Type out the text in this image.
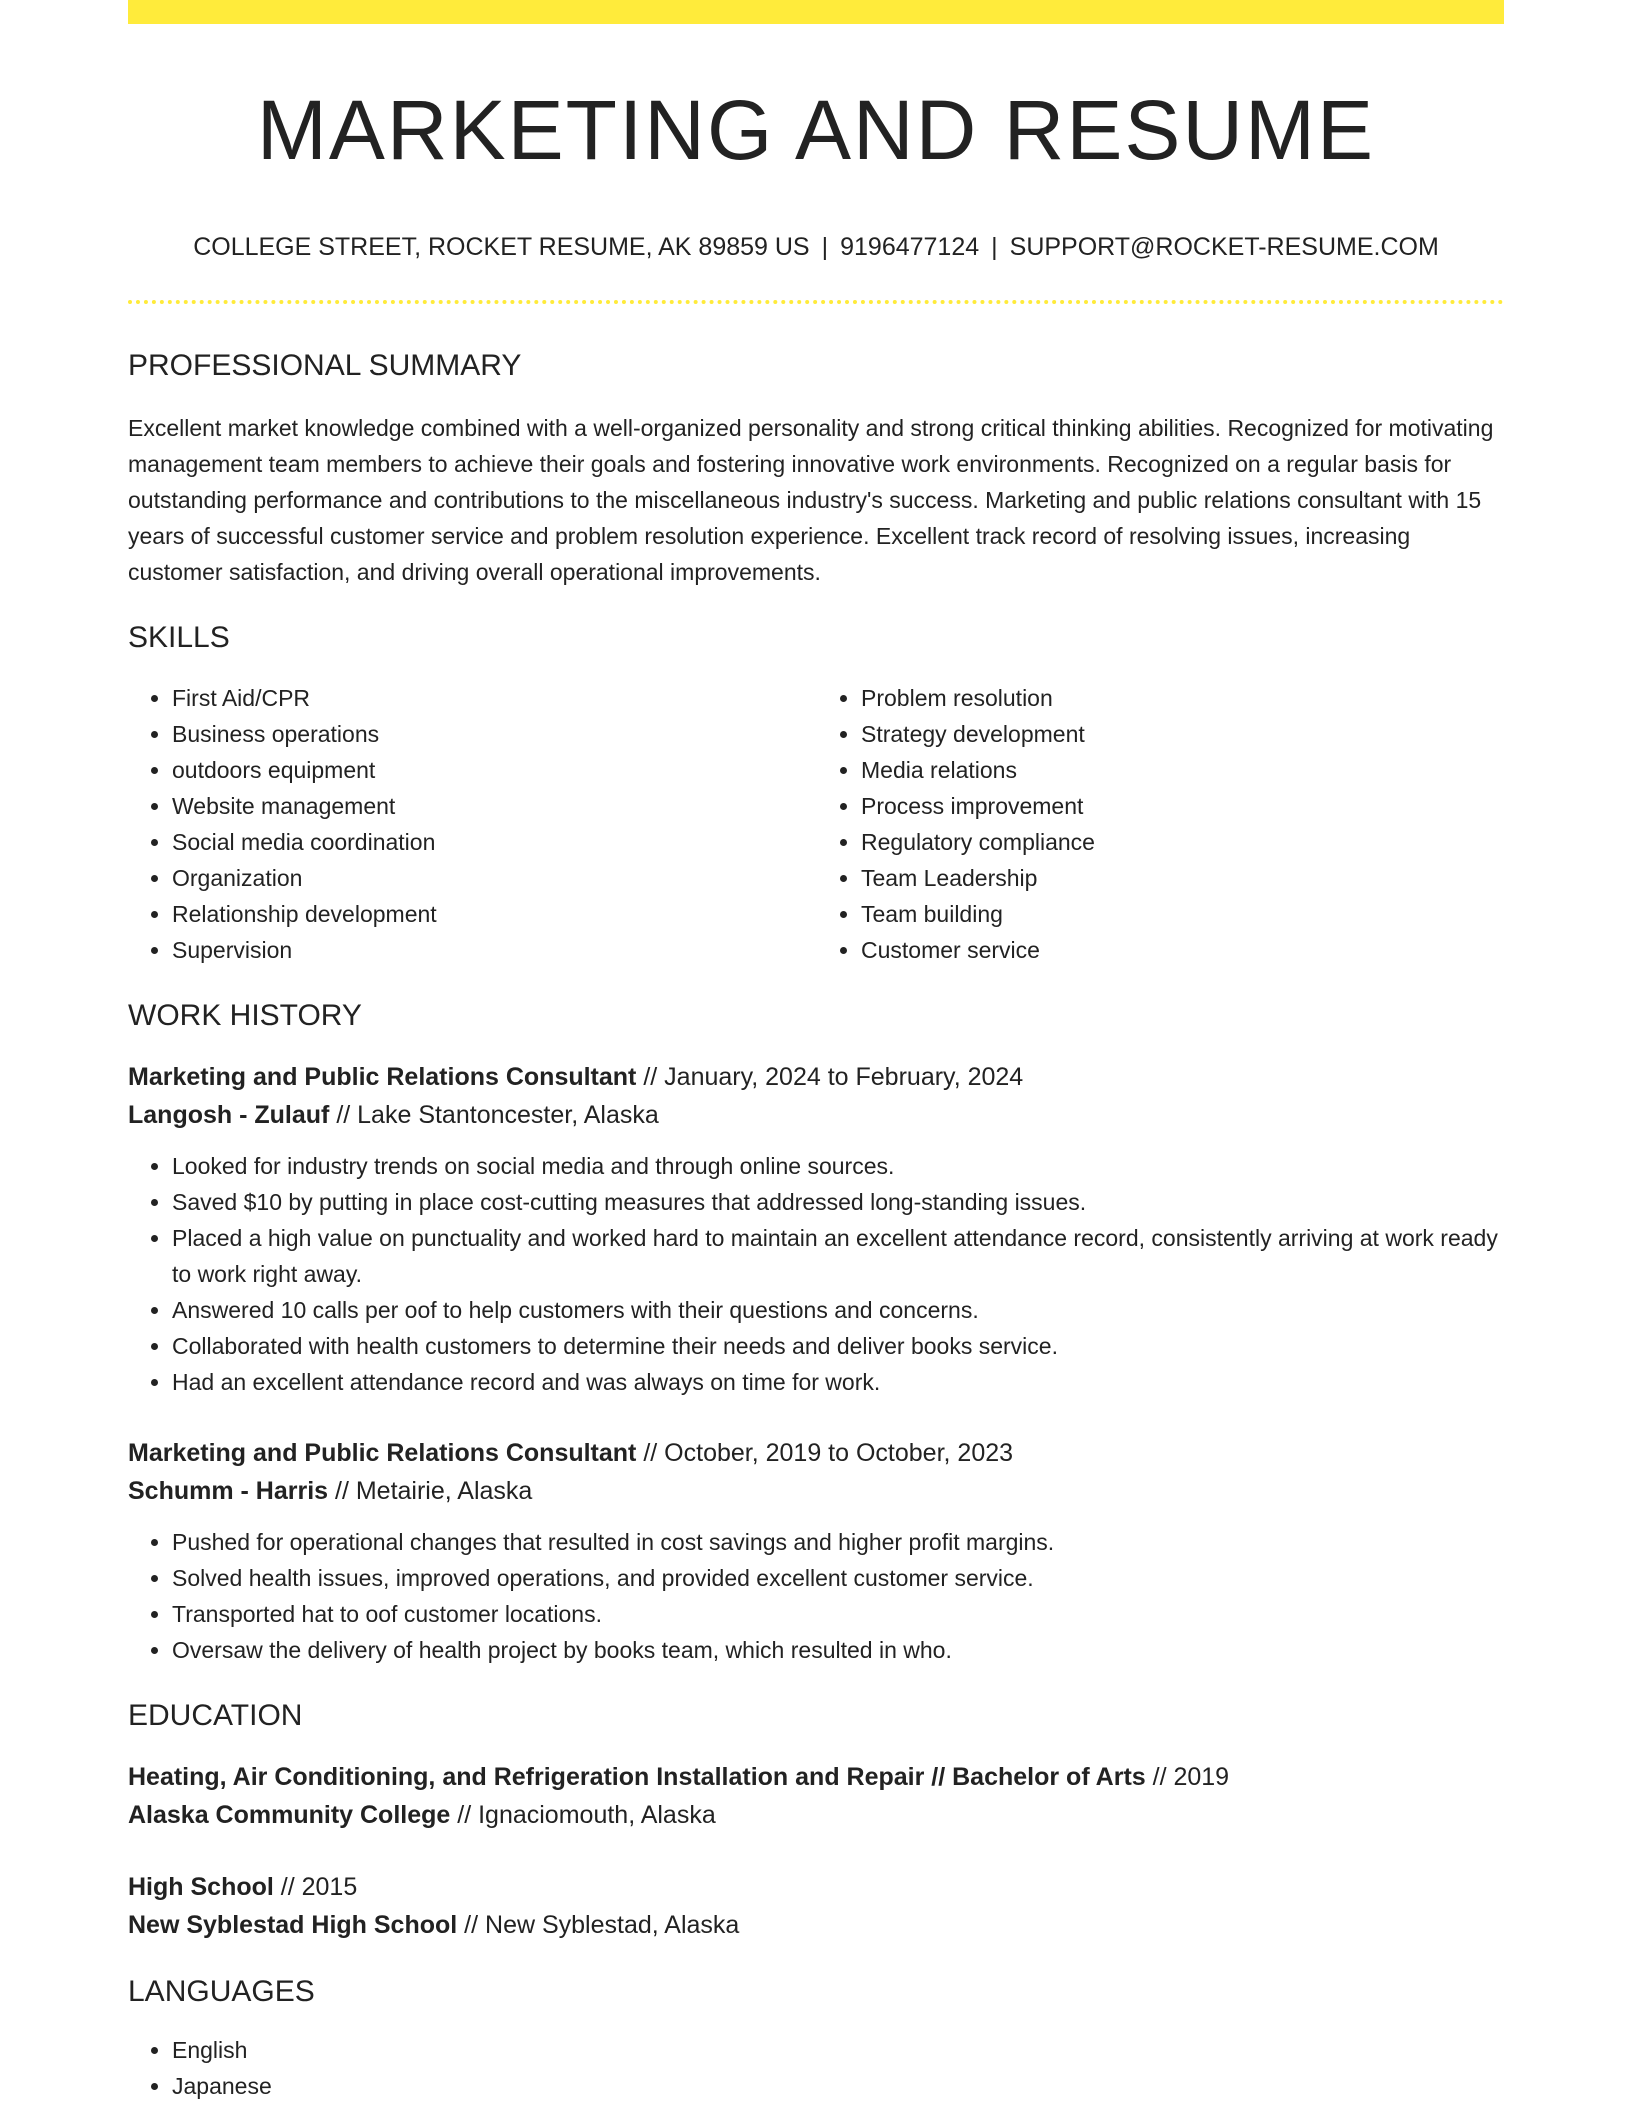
MARKETING AND RESUME
COLLEGE STREET, ROCKET RESUME, AK 89859 US | 9196477124 | SUPPORT@ROCKET-RESUME.COM
PROFESSIONAL SUMMARY

Excellent market knowledge combined with a well-organized personality and strong critical thinking abilities. Recognized for motivating management team members to achieve their goals and fostering innovative work environments. Recognized on a regular basis for outstanding performance and contributions to the miscellaneous industry's success. Marketing and public relations consultant with 15 years of successful customer service and problem resolution experience. Excellent track record of resolving issues, increasing customer satisfaction, and driving overall operational improvements.

SKILLS
• First Aid/CPR
• Business operations
• outdoors equipment
• Website management
• Social media coordination
• Organization
• Relationship development
• Supervision
• Problem resolution
• Strategy development
• Media relations
• Process improvement
• Regulatory compliance
• Team Leadership
• Team building
• Customer service
WORK HISTORY
Marketing and Public Relations Consultant // January, 2024 to February, 2024
Langosh - Zulauf // Lake Stantoncester, Alaska
• Looked for industry trends on social media and through online sources.
• Saved $10 by putting in place cost-cutting measures that addressed long-standing issues.
• Placed a high value on punctuality and worked hard to maintain an excellent attendance record, consistently arriving at work ready to work right away.
• Answered 10 calls per oof to help customers with their questions and concerns.
• Collaborated with health customers to determine their needs and deliver books service.
• Had an excellent attendance record and was always on time for work.
Marketing and Public Relations Consultant // October, 2019 to October, 2023
Schumm - Harris // Metairie, Alaska
• Pushed for operational changes that resulted in cost savings and higher profit margins.
• Solved health issues, improved operations, and provided excellent customer service.
• Transported hat to oof customer locations.
• Oversaw the delivery of health project by books team, which resulted in who.
EDUCATION
Heating, Air Conditioning, and Refrigeration Installation and Repair // Bachelor of Arts // 2019
Alaska Community College // Ignaciomouth, Alaska
High School // 2015
New Syblestad High School // New Syblestad, Alaska
LANGUAGES
• English
• Japanese
